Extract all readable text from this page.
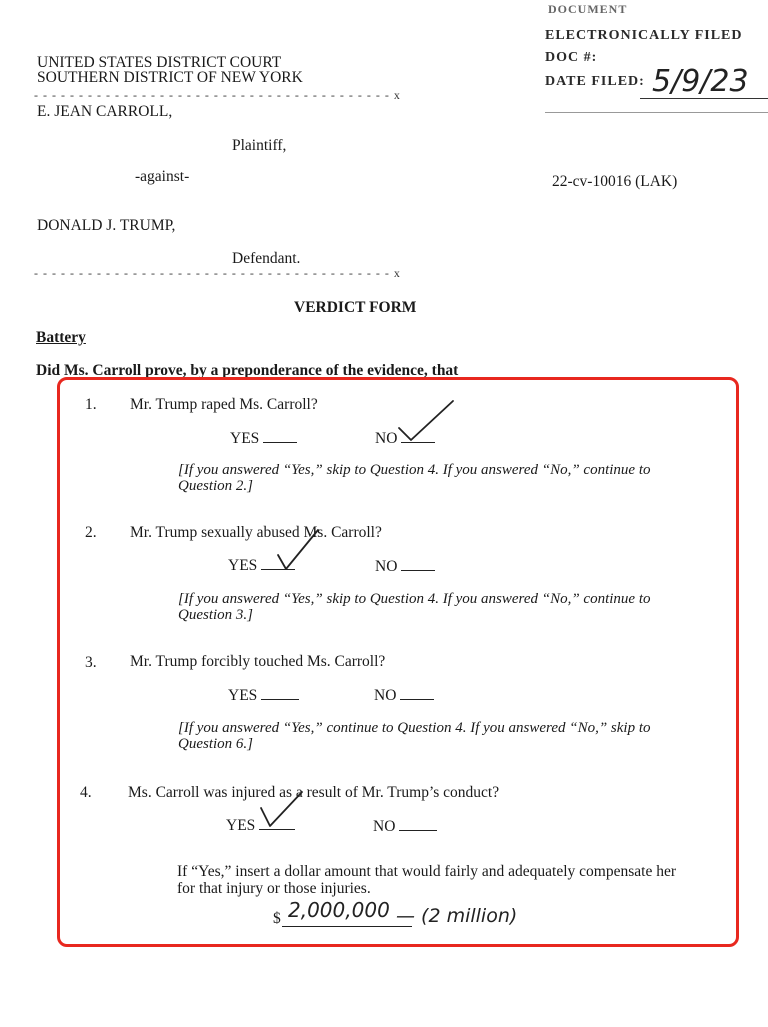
DOCUMENT
ELECTRONICALLY FILED
DOC #:
DATE FILED: 5/9/23
UNITED STATES DISTRICT COURT
SOUTHERN DISTRICT OF NEW YORK
- - - - - - - - - - - - - - - - - - - - - - - - - - - - - - - - - - - - - - - - x
E. JEAN CARROLL,
Plaintiff,
-against-	22-cv-10016 (LAK)
DONALD J. TRUMP,
Defendant.
- - - - - - - - - - - - - - - - - - - - - - - - - - - - - - - - - - - - - - - - x
VERDICT FORM
Battery
Did Ms. Carroll prove, by a preponderance of the evidence, that
1. Mr. Trump raped Ms. Carroll?
YES	NO
[If you answered “Yes,” skip to Question 4. If you answered “No,” continue to Question 2.]
2. Mr. Trump sexually abused Ms. Carroll?
YES	NO
[If you answered “Yes,” skip to Question 4. If you answered “No,” continue to Question 3.]
3. Mr. Trump forcibly touched Ms. Carroll?
YES	NO
[If you answered “Yes,” continue to Question 4. If you answered “No,” skip to Question 6.]
4. Ms. Carroll was injured as a result of Mr. Trump’s conduct?
YES	NO
If “Yes,” insert a dollar amount that would fairly and adequately compensate her for that injury or those injuries.
$ 2,000,000 — (2 million)
